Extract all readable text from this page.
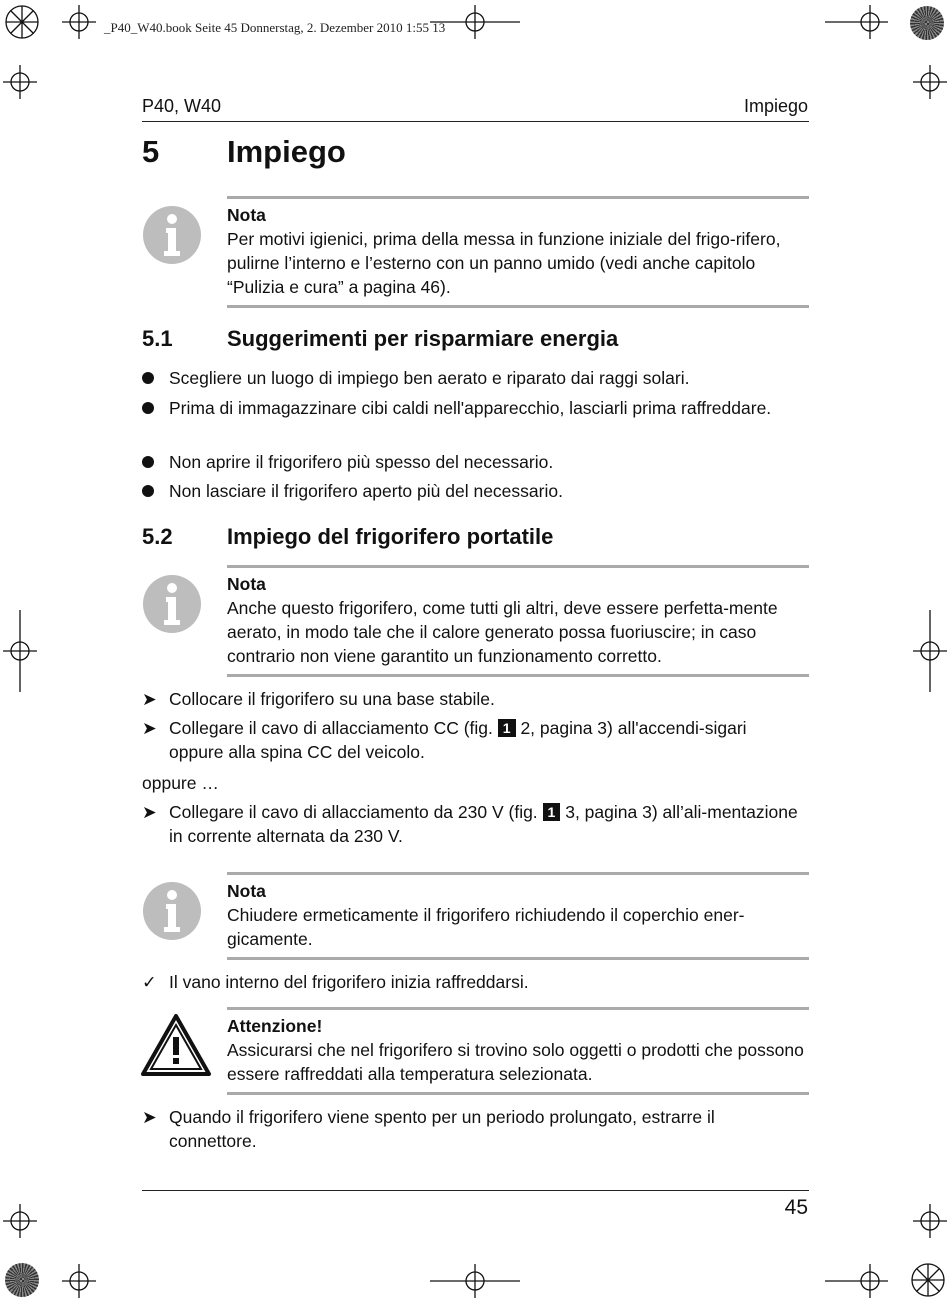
_P40_W40.book Seite 45 Donnerstag, 2. Dezember 2010 1:55 13
P40, W40	Impiego
5 Impiego
Nota
Per motivi igienici, prima della messa in funzione iniziale del frigo-rifero, pulirne l’interno e l’esterno con un panno umido (vedi anche capitolo “Pulizia e cura” a pagina 46).
5.1 Suggerimenti per risparmiare energia
Scegliere un luogo di impiego ben aerato e riparato dai raggi solari.
Prima di immagazzinare cibi caldi nell'apparecchio, lasciarli prima raffreddare.
Non aprire il frigorifero più spesso del necessario.
Non lasciare il frigorifero aperto più del necessario.
5.2 Impiego del frigorifero portatile
Nota
Anche questo frigorifero, come tutti gli altri, deve essere perfetta-mente aerato, in modo tale che il calore generato possa fuoriuscire; in caso contrario non viene garantito un funzionamento corretto.
➤ Collocare il frigorifero su una base stabile.
➤ Collegare il cavo di allacciamento CC (fig. 1 2, pagina 3) all'accendi-sigari oppure alla spina CC del veicolo.
oppure …
➤ Collegare il cavo di allacciamento da 230 V (fig. 1 3, pagina 3) all’ali-mentazione in corrente alternata da 230 V.
Nota
Chiudere ermeticamente il frigorifero richiudendo il coperchio ener-gicamente.
✓ Il vano interno del frigorifero inizia raffreddarsi.
Attenzione!
Assicurarsi che nel frigorifero si trovino solo oggetti o prodotti che possono essere raffreddati alla temperatura selezionata.
➤ Quando il frigorifero viene spento per un periodo prolungato, estrarre il connettore.
45
